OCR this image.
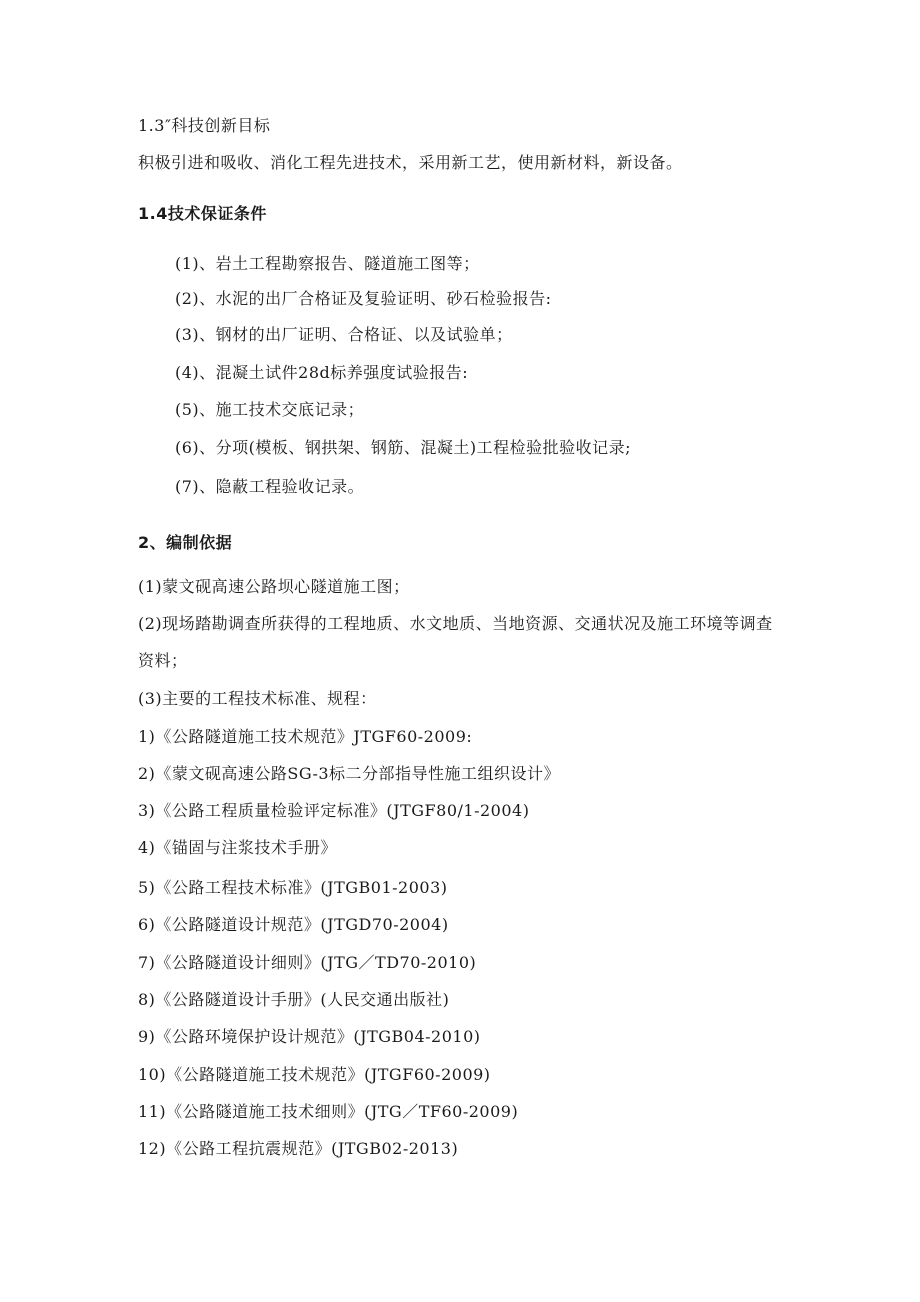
1.3″科技创新目标
积极引进和吸收、消化工程先进技术，采用新工艺，使用新材料，新设备。
1.4技术保证条件
(1)、岩土工程勘察报告、隧道施工图等；
(2)、水泥的出厂合格证及复验证明、砂石检验报告:
(3)、钢材的出厂证明、合格证、以及试验单；
(4)、混凝土试件28d标养强度试验报告:
(5)、施工技术交底记录；
(6)、分项(模板、钢拱架、钢筋、混凝土)工程检验批验收记录;
(7)、隐蔽工程验收记录。
2、编制依据
(1)蒙文砚高速公路坝心隧道施工图；
(2)现场踏勘调查所获得的工程地质、水文地质、当地资源、交通状况及施工环境等调查
资料；
(3)主要的工程技术标准、规程：
1)《公路隧道施工技术规范》JTGF60-2009:
2)《蒙文砚高速公路SG-3标二分部指导性施工组织设计》
3)《公路工程质量检验评定标准》(JTGF80/1-2004)
4)《锚固与注浆技术手册》
5)《公路工程技术标准》(JTGB01-2003)
6)《公路隧道设计规范》(JTGD70-2004)
7)《公路隧道设计细则》(JTG／TD70-2010)
8)《公路隧道设计手册》(人民交通出版社)
9)《公路环境保护设计规范》(JTGB04-2010)
10)《公路隧道施工技术规范》(JTGF60-2009)
11)《公路隧道施工技术细则》(JTG／TF60-2009)
12)《公路工程抗震规范》(JTGB02-2013)
